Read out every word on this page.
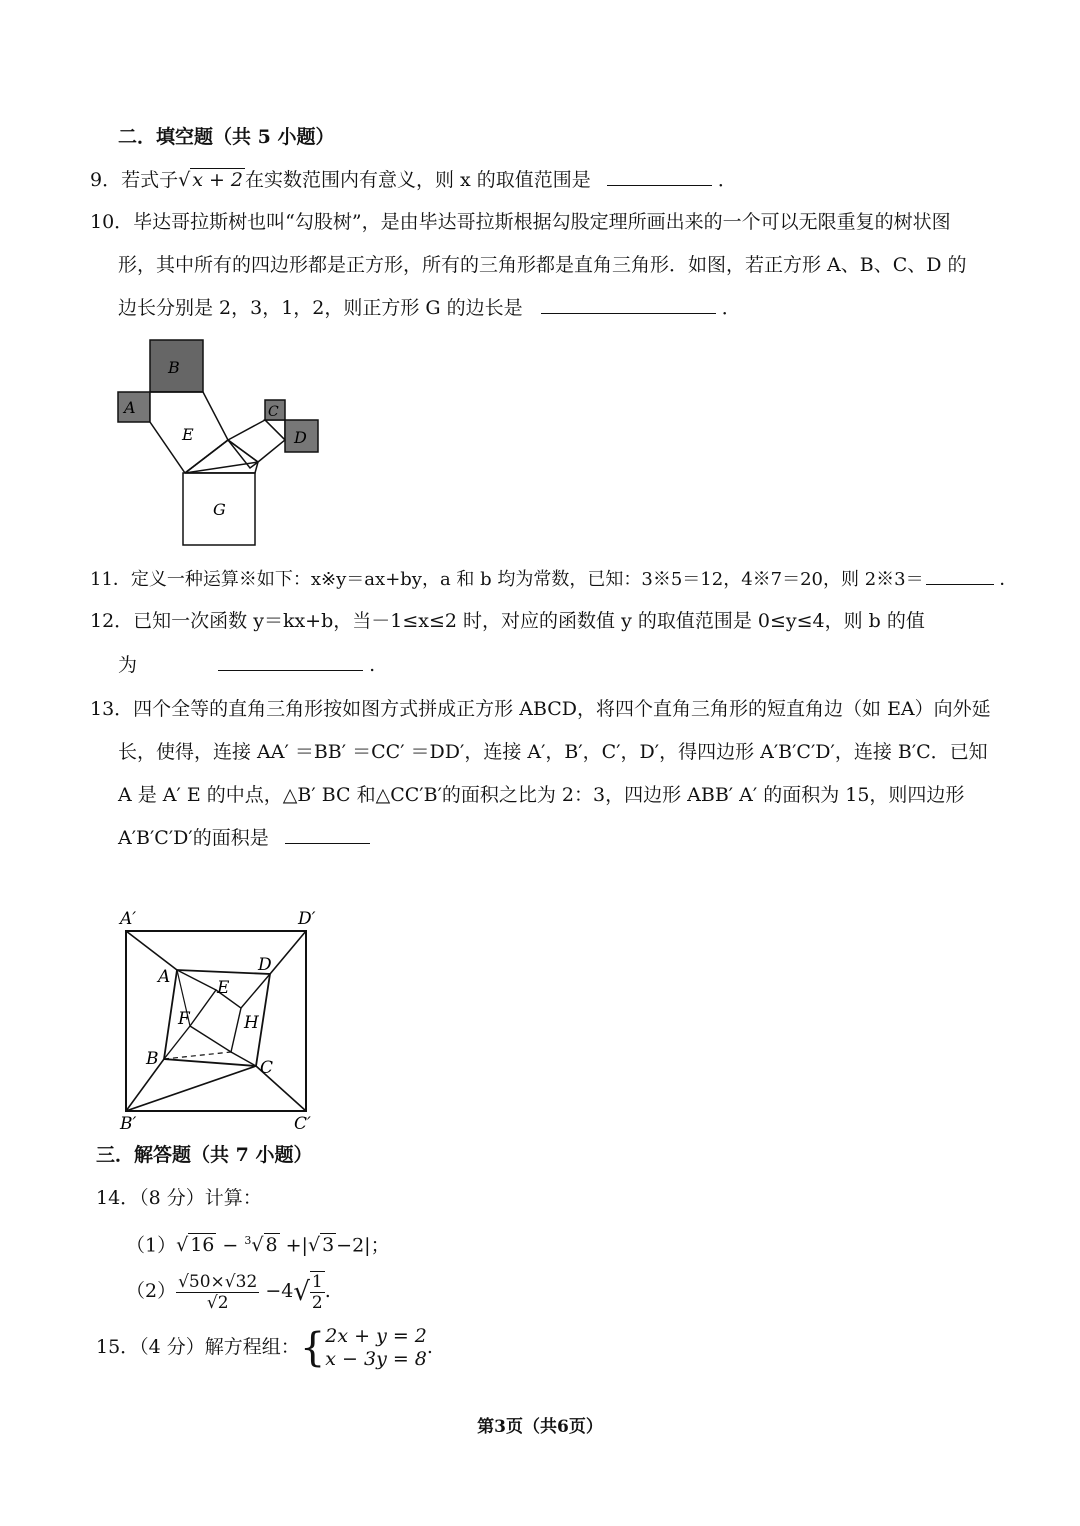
二．填空题（共 5 小题）
9．若式子√ x + 2 在实数范围内有意义，则 x 的取值范围是	．
10．毕达哥拉斯树也叫“勾股树”，是由毕达哥拉斯根据勾股定理所画出来的一个可以无限重复的树状图
形，其中所有的四边形都是正方形，所有的三角形都是直角三角形．如图，若正方形 A、B、C、D 的
边长分别是 2，3，1，2，则正方形 G 的边长是	．
B
A
E
C
D
G
11．定义一种运算※如下：x※y＝ax+by，a 和 b 均为常数，已知：3※5＝12，4※7＝20，则 2※3＝	．
12．已知一次函数 y＝kx+b，当－1≤x≤2 时，对应的函数值 y 的取值范围是 0≤y≤4，则 b 的值
为	.
13．四个全等的直角三角形按如图方式拼成正方形 ABCD，将四个直角三角形的短直角边（如 EA）向外延
长，使得，连接 AA′ ＝BB′ ＝CC′ ＝DD′，连接 A′，B′，C′，D′，得四边形 A′B′C′D′，连接 B′C．已知
A 是 A′ E 的中点，△B′ BC 和△CC′B′的面积之比为 2：3，四边形 ABB′ A′ 的面积为 15，则四边形
A′B′C′D′的面积是
A′	D′
B′	C′
A
D
B	C
E
F	H
三．解答题（共 7 小题）
14．（8 分）计算：
（1）√ 16 − $^3$√ 8 +|√ 3 −2|；
$(2) \frac{√50\times√32}{√2} -4√ \frac{1}{2}$ .
15．（4 分）解方程组：{ 2x + y = 2
x − 3y = 8
.
第3页（共6页）
